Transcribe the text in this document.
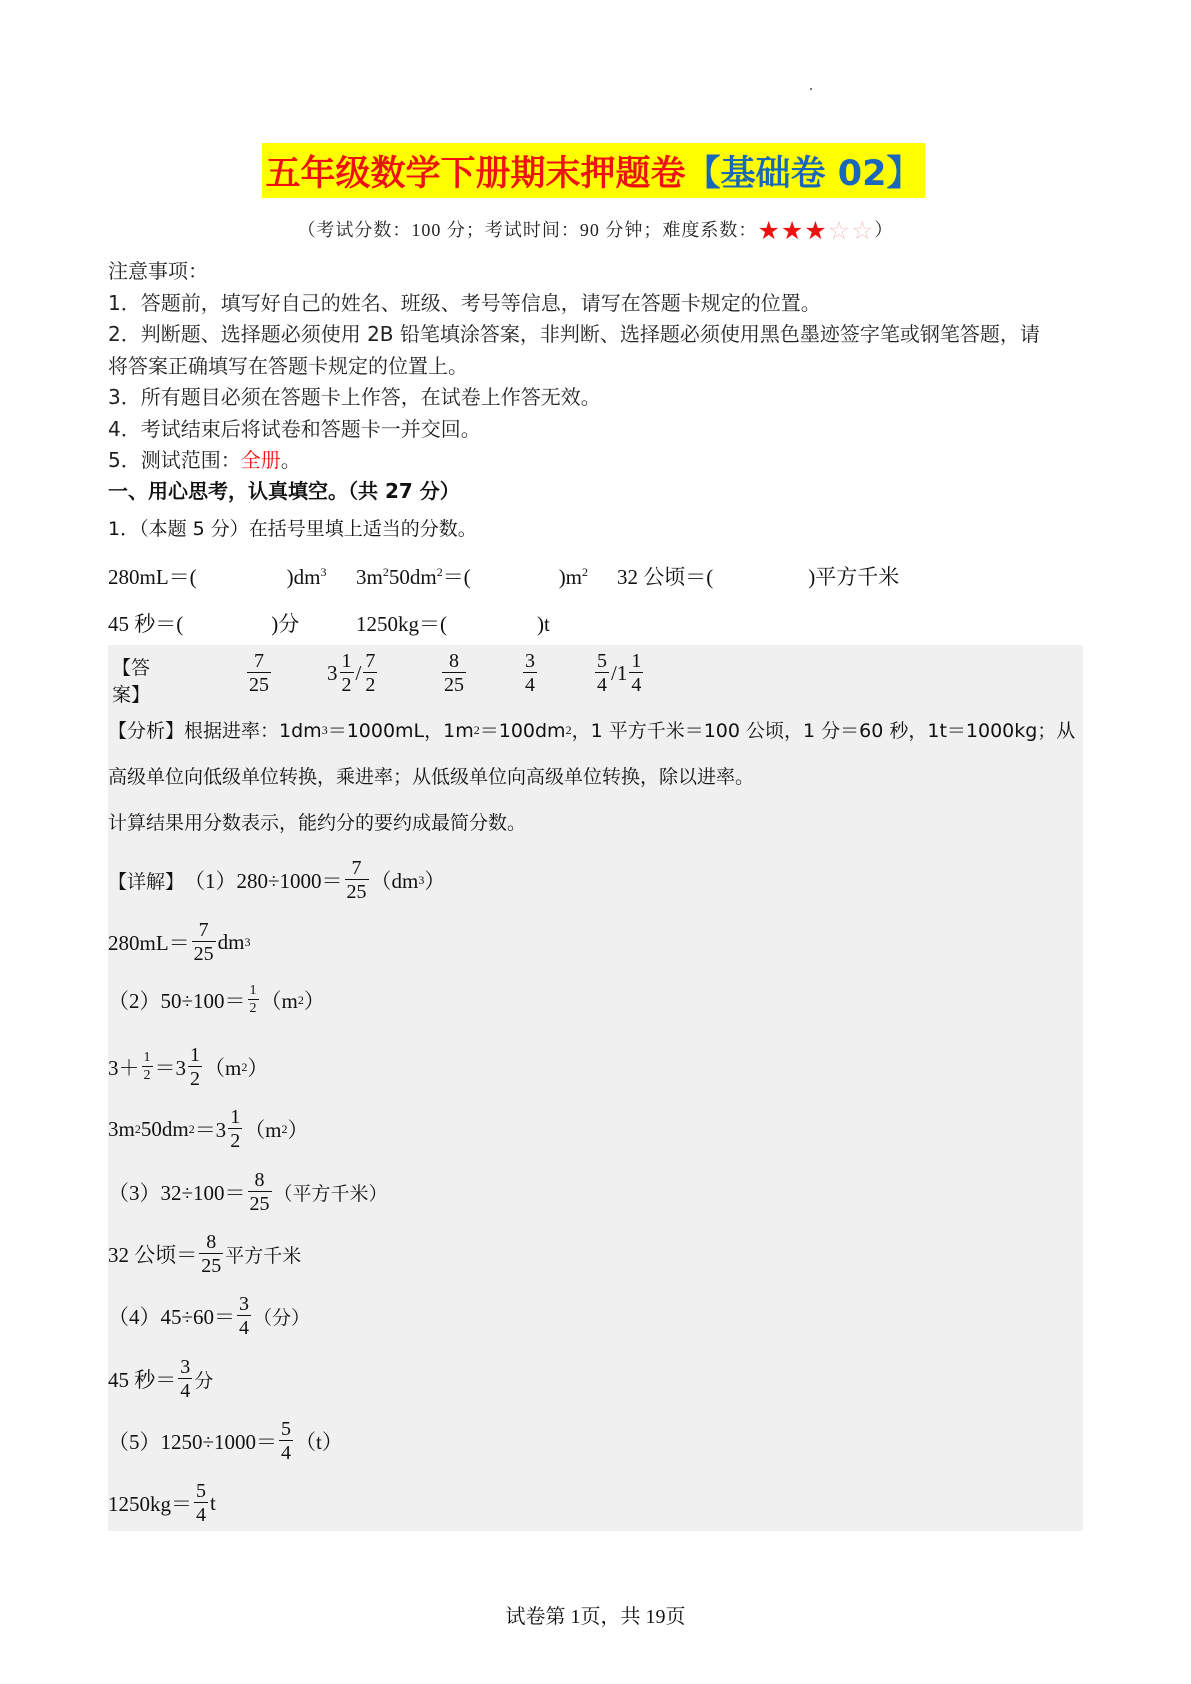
五年级数学下册期末押题卷 【基础卷 02】
（考试分数：100 分；考试时间：90 分钟；难度系数：★★★☆☆）
注意事项：
1．答题前，填写好自己的姓名、班级、考号等信息，请写在答题卡规定的位置。
2．判断题、选择题必须使用 2B 铅笔填涂答案，非判断、选择题必须使用黑色墨迹签字笔或钢笔答题，请
将答案正确填写在答题卡规定的位置上。
3．所有题目必须在答题卡上作答，在试卷上作答无效。
4．考试结束后将试卷和答题卡一并交回。
5．测试范围：全册。
一、用心思考，认真填空。（共 27 分）
1．（本题 5 分）在括号里填上适当的分数。
280mL＝(	)$dm^3$ $3m^250dm^2=$(	)$m^2$ 32 公顷＝(	)平方千米
45 秒＝(	)分	1250kg＝(	)t
【答案】	$\frac{7}{25}$	$3 \frac{1}{2} / \frac{7}{2}$	$\frac{8}{25}$	$\frac{3}{4}$	$\frac{5}{4} / 1 \frac{1}{4}$
【分析】 根据进率：1dm 3 ＝1000mL，1m 2 ＝100dm 2 ，1 平方千米＝100 公顷，1 分＝60 秒，1t＝1000kg；从
高级单位向低级单位转换，乘进率；从低级单位向高级单位转换，除以进率。
计算结果用分数表示，能约分的要约成最简分数。
【详解】 $(1)280\div 1000= \frac{7}{25} (dm$ 3 ）
$280mL= \frac{7}{25}$ dm 3
$(2)50\div 100= \frac{1}{2} (m$ 2 ）
$3+ \frac{1}{2} =3 \frac{1}{2} (m$ 2 ）
3m 2 50dm $2 =3 \frac{1}{2} (m$ 2 ）
$(3)32\div 100= \frac{8}{25}$ （平方千米）
32 公顷＝ $\frac{8}{25}$ 平方千米
$(4)45\div 60= \frac{3}{4}$ （分）
45 秒＝ $\frac{3}{4}$ 分
$(5)1250\div 1000= \frac{5}{4} (t)$
$1250kg= \frac{5}{4}$ t
试卷第 1页，共 19页
